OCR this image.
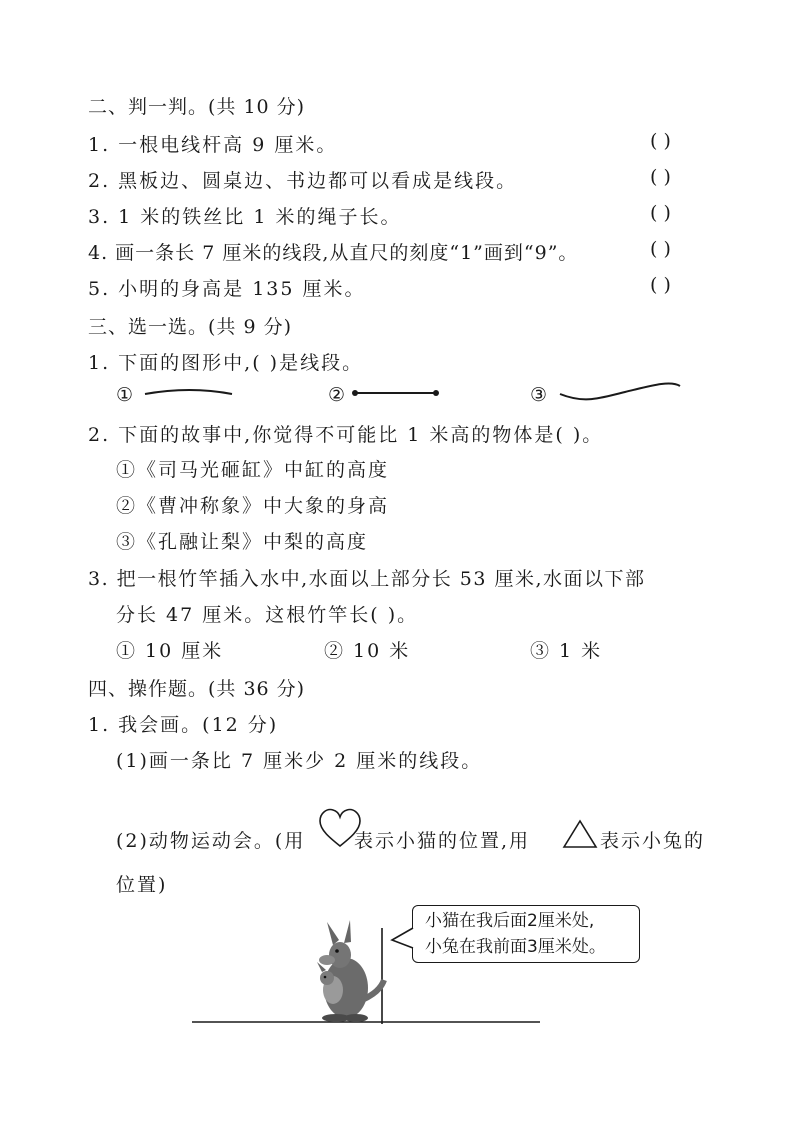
二、判一判。(共 10 分)
1. 一根电线杆高 9 厘米。	( )
2. 黑板边、圆桌边、书边都可以看成是线段。	( )
3. 1 米的铁丝比 1 米的绳子长。	( )
4. 画一条长 7 厘米的线段,从直尺的刻度“1”画到“9”。	( )
5. 小明的身高是 135 厘米。	( )
三、选一选。(共 9 分)
1. 下面的图形中,( )是线段。
①	②	③
2. 下面的故事中,你觉得不可能比 1 米高的物体是( )。
①《司马光砸缸》中缸的高度
②《曹冲称象》中大象的身高
③《孔融让梨》中梨的高度
3. 把一根竹竿插入水中,水面以上部分长 53 厘米,水面以下部
分长 47 厘米。这根竹竿长( )。
① 10 厘米	② 10 米	③ 1 米
四、操作题。(共 36 分)
1. 我会画。(12 分)
(1)画一条比 7 厘米少 2 厘米的线段。
(2)动物运动会。(用	表示小猫的位置,用	表示小兔的
位置)
小猫在我后面2厘米处,
小兔在我前面3厘米处。
